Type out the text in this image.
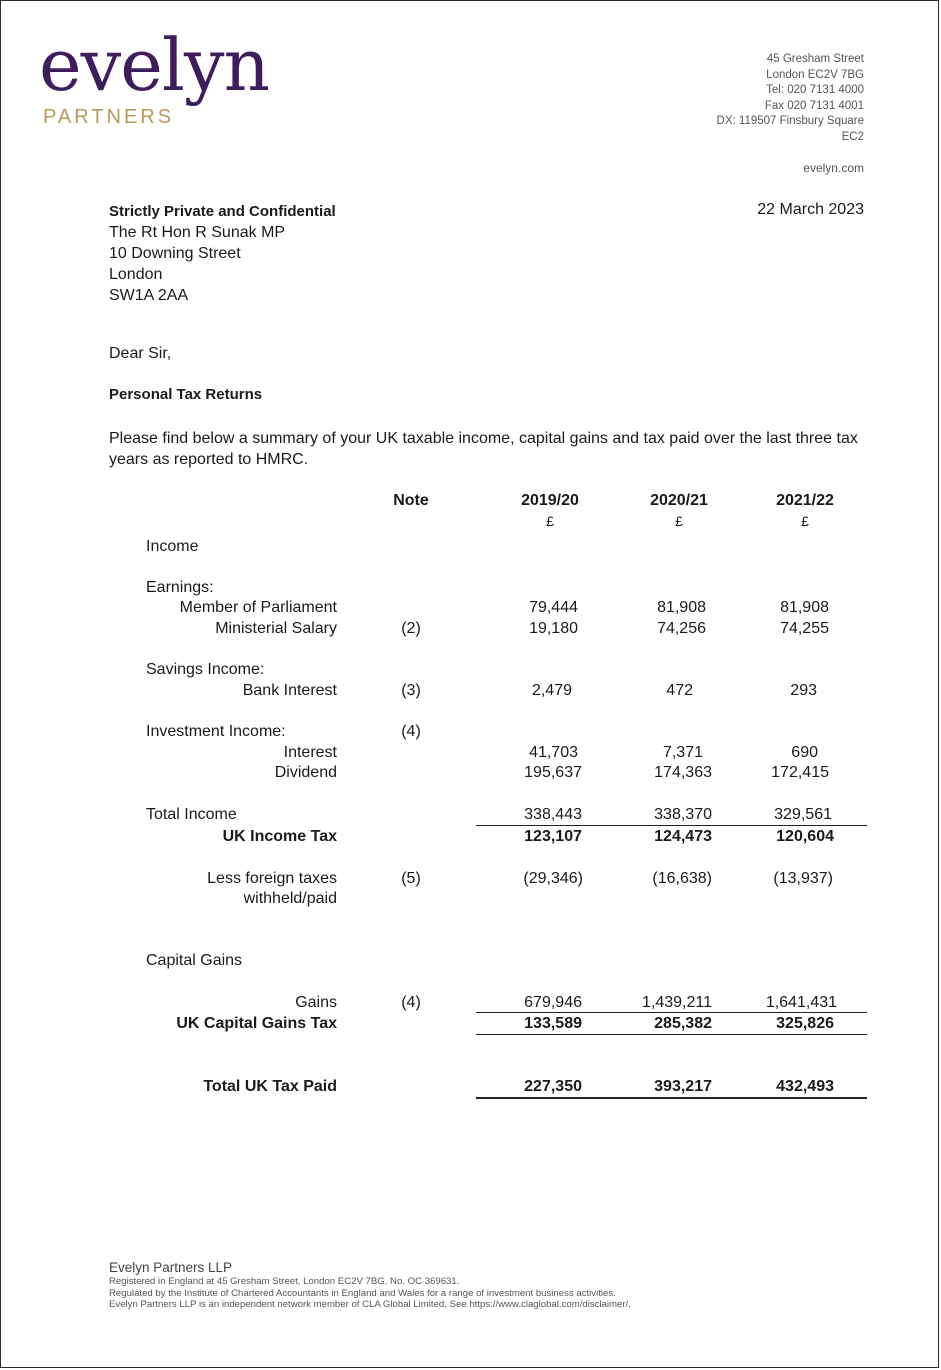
evelyn
PARTNERS
45 Gresham Street
London EC2V 7BG
Tel: 020 7131 4000
Fax 020 7131 4001
DX: 119507 Finsbury Square
EC2
evelyn.com
22 March 2023
Strictly Private and Confidential
The Rt Hon R Sunak MP
10 Downing Street
London
SW1A 2AA
Dear Sir,
Personal Tax Returns
Please find below a summary of your UK taxable income, capital gains and tax paid over the last three tax years as reported to HMRC.
Note	2019/20	2020/21	2021/22
£	£	£
Income
Earnings:
Member of Parliament	79,444	81,908	81,908
Ministerial Salary	(2)	19,180	74,256	74,255
Savings Income:
Bank Interest	(3)	2,479	472	293
Investment Income:	(4)
Interest	41,703	7,371	690
Dividend	195,637	174,363	172,415
Total Income	338,443	338,370	329,561
UK Income Tax	123,107	124,473	120,604
Less foreign taxes
withheld/paid
(5)	(29,346)	(16,638)	(13,937)
Capital Gains
Gains	(4)	679,946	1,439,211	1,641,431
UK Capital Gains Tax	133,589	285,382	325,826
Total UK Tax Paid	227,350	393,217	432,493
Evelyn Partners LLP
Registered in England at 45 Gresham Street, London EC2V 7BG. No. OC 369631.
Regulated by the Institute of Chartered Accountants in England and Wales for a range of investment business activities.
Evelyn Partners LLP is an independent network member of CLA Global Limited. See https://www.claglobal.com/disclaimer/.
